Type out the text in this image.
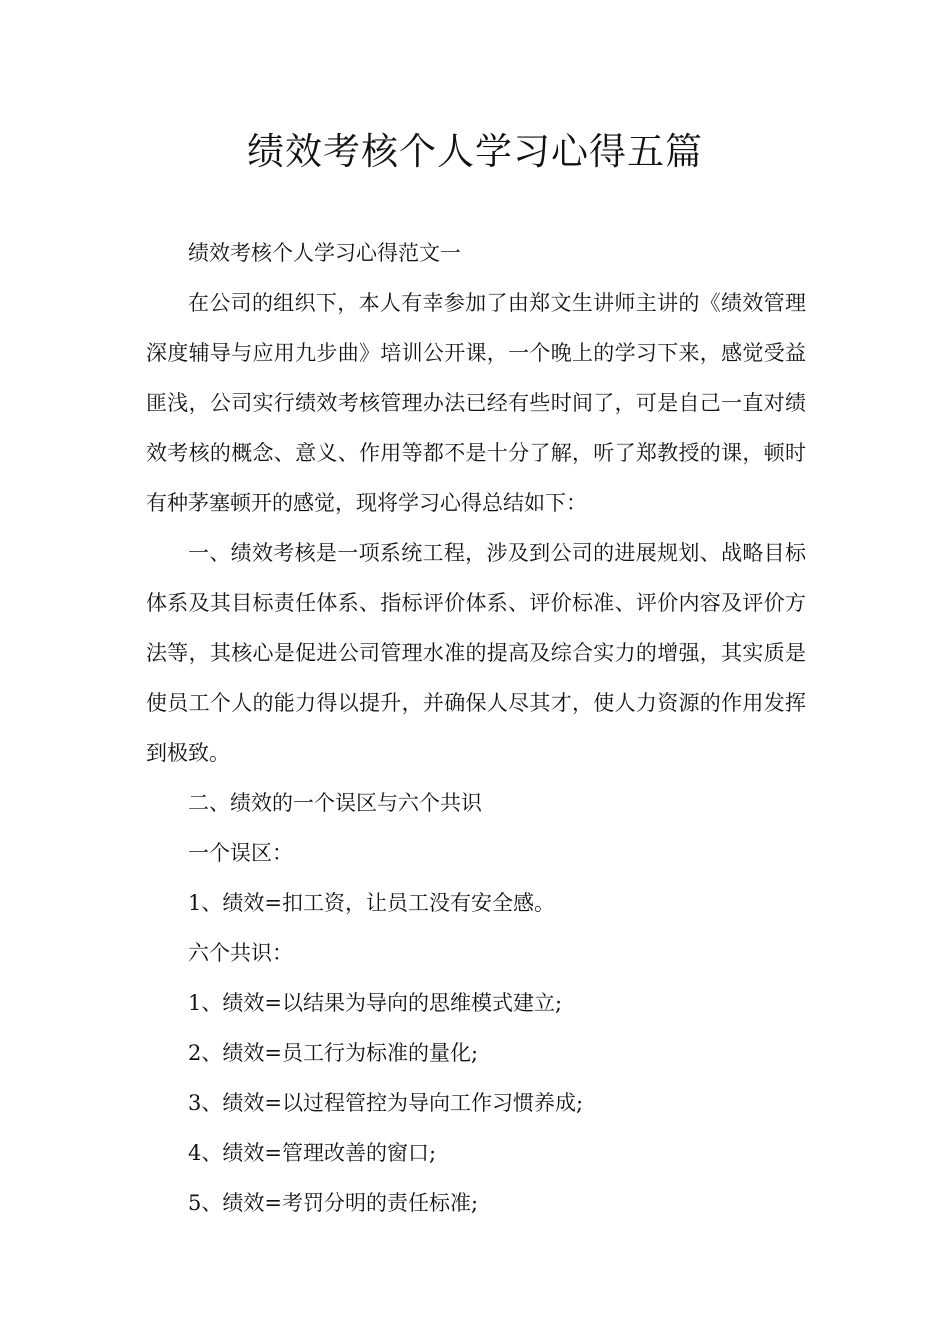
绩效考核个人学习心得五篇

绩效考核个人学习心得范文一

在公司的组织下，本人有幸参加了由郑文生讲师主讲的《绩效管理深度辅导与应用九步曲》培训公开课，一个晚上的学习下来，感觉受益匪浅，公司实行绩效考核管理办法已经有些时间了，可是自己一直对绩效考核的概念、意义、作用等都不是十分了解，听了郑教授的课，顿时有种茅塞顿开的感觉，现将学习心得总结如下：

一、绩效考核是一项系统工程，涉及到公司的进展规划、战略目标体系及其目标责任体系、指标评价体系、评价标准、评价内容及评价方法等，其核心是促进公司管理水准的提高及综合实力的增强，其实质是使员工个人的能力得以提升，并确保人尽其才，使人力资源的作用发挥到极致。

二、绩效的一个误区与六个共识

一个误区：

1、绩效=扣工资，让员工没有安全感。

六个共识：

1、绩效=以结果为导向的思维模式建立;

2、绩效=员工行为标准的量化;

3、绩效=以过程管控为导向工作习惯养成;

4、绩效=管理改善的窗口;

5、绩效=考罚分明的责任标准;
